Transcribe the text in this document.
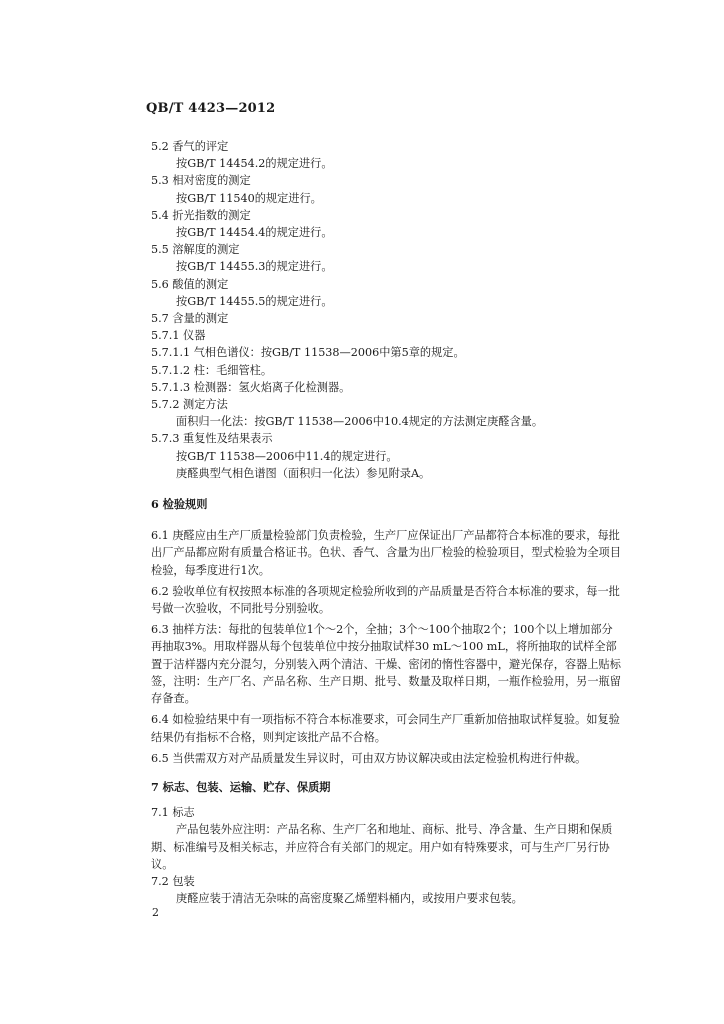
QB/T 4423—2012
5.2 香气的评定
按GB/T 14454.2的规定进行。
5.3 相对密度的测定
按GB/T 11540的规定进行。
5.4 折光指数的测定
按GB/T 14454.4的规定进行。
5.5 溶解度的测定
按GB/T 14455.3的规定进行。
5.6 酸值的测定
按GB/T 14455.5的规定进行。
5.7 含量的测定
5.7.1 仪器
5.7.1.1 气相色谱仪：按GB/T 11538—2006中第5章的规定。
5.7.1.2 柱：毛细管柱。
5.7.1.3 检测器：氢火焰离子化检测器。
5.7.2 测定方法
面积归一化法：按GB/T 11538—2006中10.4规定的方法测定庚醛含量。
5.7.3 重复性及结果表示
按GB/T 11538—2006中11.4的规定进行。
庚醛典型气相色谱图（面积归一化法）参见附录A。
6 检验规则
6.1 庚醛应由生产厂质量检验部门负责检验，生产厂应保证出厂产品都符合本标准的要求，每批出厂产品都应附有质量合格证书。色状、香气、含量为出厂检验的检验项目，型式检验为全项目检验，每季度进行1次。
6.2 验收单位有权按照本标准的各项规定检验所收到的产品质量是否符合本标准的要求，每一批号做一次验收，不同批号分别验收。
6.3 抽样方法：每批的包装单位1个～2个，全抽；3个～100个抽取2个；100个以上增加部分再抽取3%。用取样器从每个包装单位中按分抽取试样30 mL～100 mL，将所抽取的试样全部置于洁样器内充分混匀，分别装入两个清洁、干燥、密闭的惰性容器中，避光保存，容器上贴标签，注明：生产厂名、产品名称、生产日期、批号、数量及取样日期，一瓶作检验用，另一瓶留存备查。
6.4 如检验结果中有一项指标不符合本标准要求，可会同生产厂重新加倍抽取试样复验。如复验结果仍有指标不合格，则判定该批产品不合格。
6.5 当供需双方对产品质量发生异议时，可由双方协议解决或由法定检验机构进行仲裁。
7 标志、包装、运输、贮存、保质期
7.1 标志
产品包装外应注明：产品名称、生产厂名和地址、商标、批号、净含量、生产日期和保质期、标准编号及相关标志，并应符合有关部门的规定。用户如有特殊要求，可与生产厂另行协议。
7.2 包装
庚醛应装于清洁无杂味的高密度聚乙烯塑料桶内，或按用户要求包装。
2
